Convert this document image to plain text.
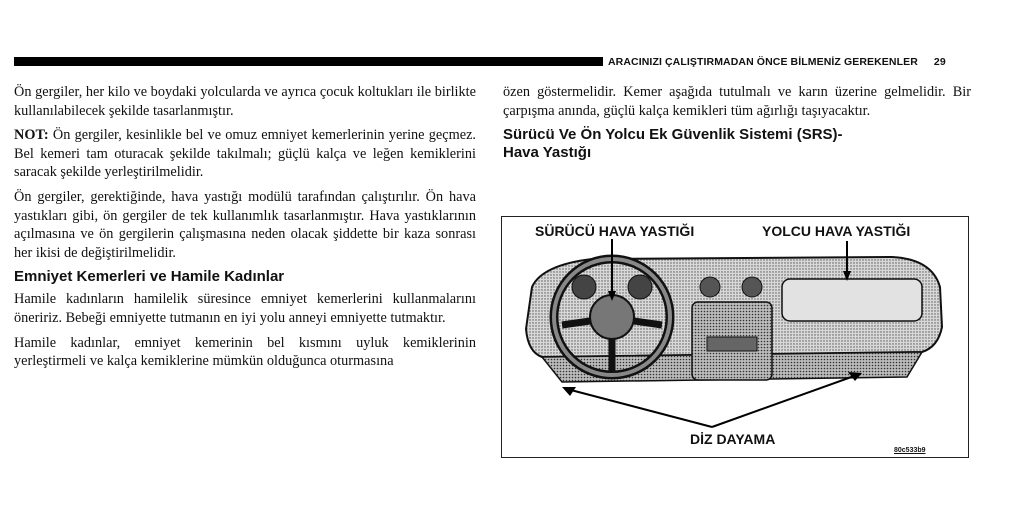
ARACINIZI ÇALIŞTIRMADAN ÖNCE BİLMENİZ GEREKENLER 29

Ön gergiler, her kilo ve boydaki yolcularda ve ayrıca çocuk koltukları ile birlikte kullanılabilecek şekilde tasarlanmıştır.

NOT: Ön gergiler, kesinlikle bel ve omuz emniyet kemerlerinin yerine geçmez. Bel kemeri tam oturacak şekilde takılmalı; güçlü kalça ve leğen kemiklerini saracak şekilde yerleştirilmelidir.

Ön gergiler, gerektiğinde, hava yastığı modülü tarafından çalıştırılır. Ön hava yastıkları gibi, ön gergiler de tek kullanımlık tasarlanmıştır. Hava yastıklarının açılmasına ve ön gergilerin çalışmasına neden olacak şiddette bir kaza sonrası her ikisi de değiştirilmelidir.

Emniyet Kemerleri ve Hamile Kadınlar

Hamile kadınların hamilelik süresince emniyet kemerlerini kullanmalarını öneririz. Bebeği emniyette tutmanın en iyi yolu anneyi emniyette tutmaktır.

Hamile kadınlar, emniyet kemerinin bel kısmını uyluk kemiklerinin yerleştirmeli ve kalça kemiklerine mümkün olduğunca oturmasına

özen göstermelidir. Kemer aşağıda tutulmalı ve karın üzerine gelmelidir. Bir çarpışma anında, güçlü kalça kemikleri tüm ağırlığı taşıyacaktır.

Sürücü Ve Ön Yolcu Ek Güvenlik Sistemi (SRS)-
Hava Yastığı
SÜRÜCÜ HAVA YASTIĞI	YOLCU HAVA YASTIĞI
DİZ DAYAMA
80c533b9
